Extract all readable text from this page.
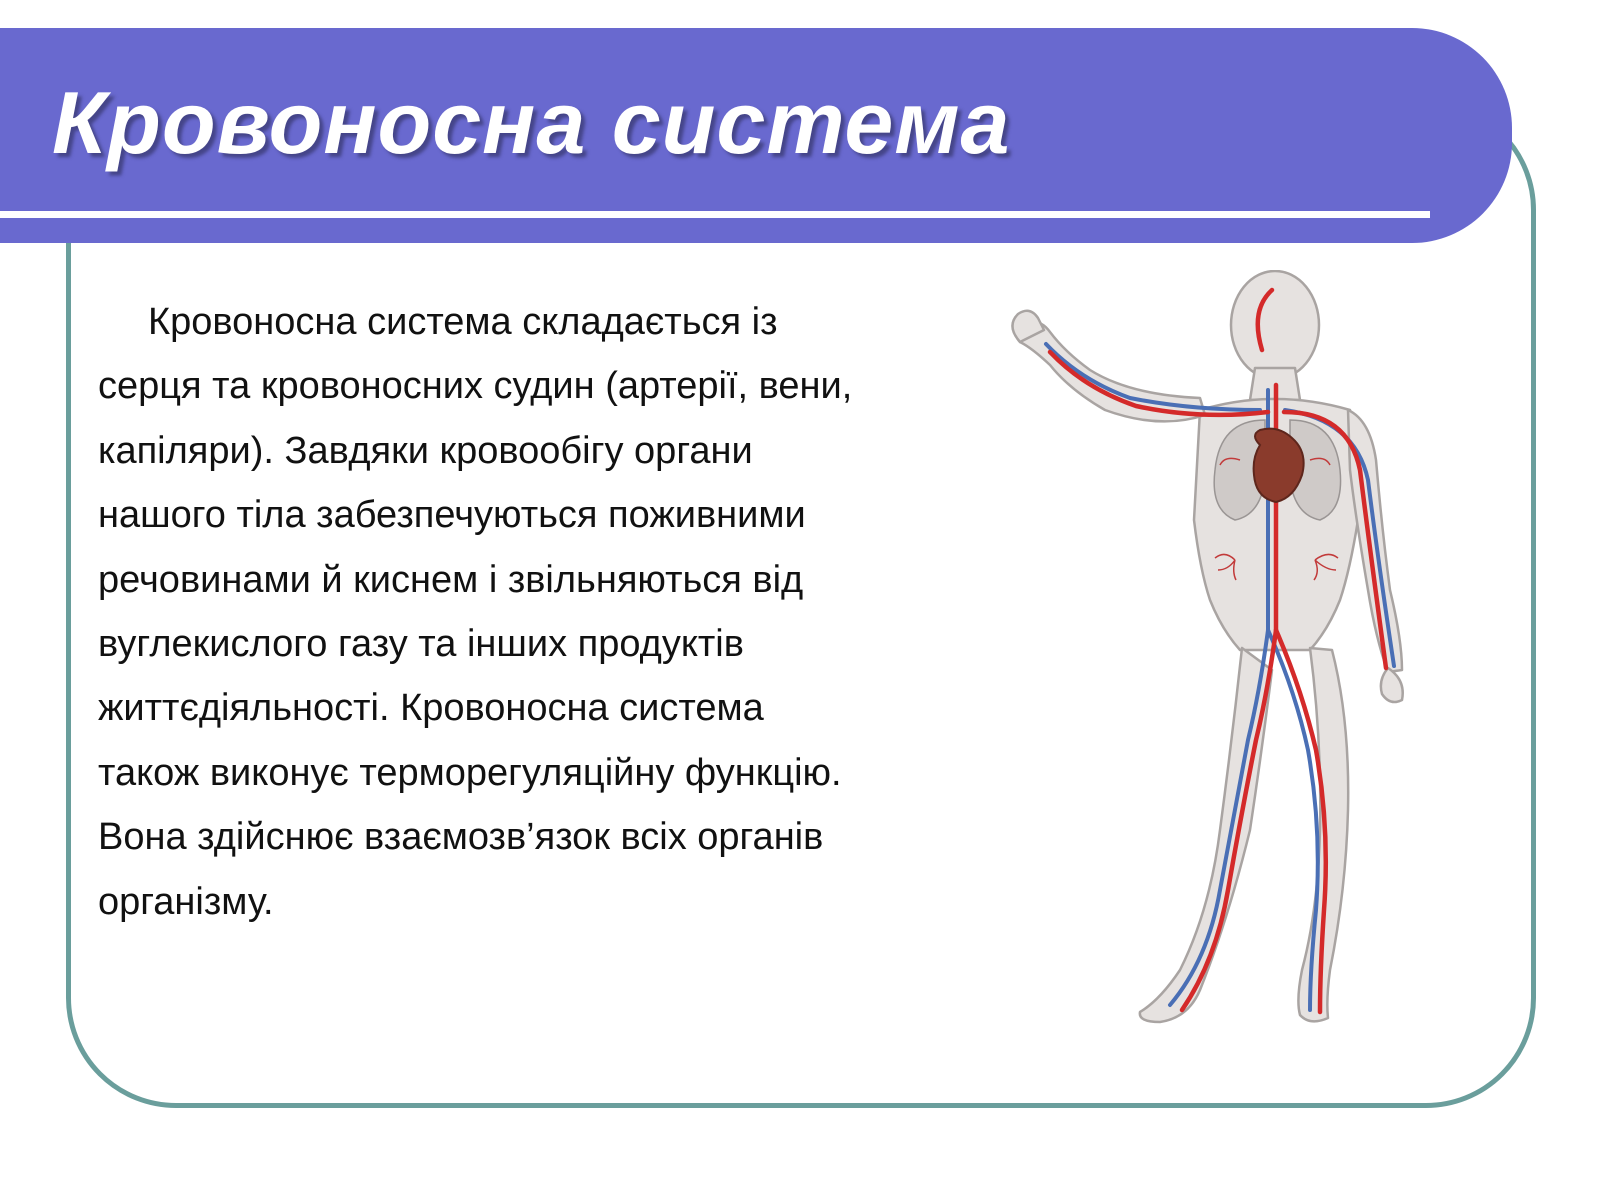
Кровоносна система

Кровоносна система складається із
серця та кровоносних судин (артерії, вени,
капіляри). Завдяки кровообігу органи
нашого тіла забезпечуються поживними
речовинами й киснем і звільняються від
вуглекислого газу та інших продуктів
життєдіяльності. Кровоносна система
також виконує терморегуляційну функцію.
Вона здійснює взаємозв’язок всіх органів
організму.
